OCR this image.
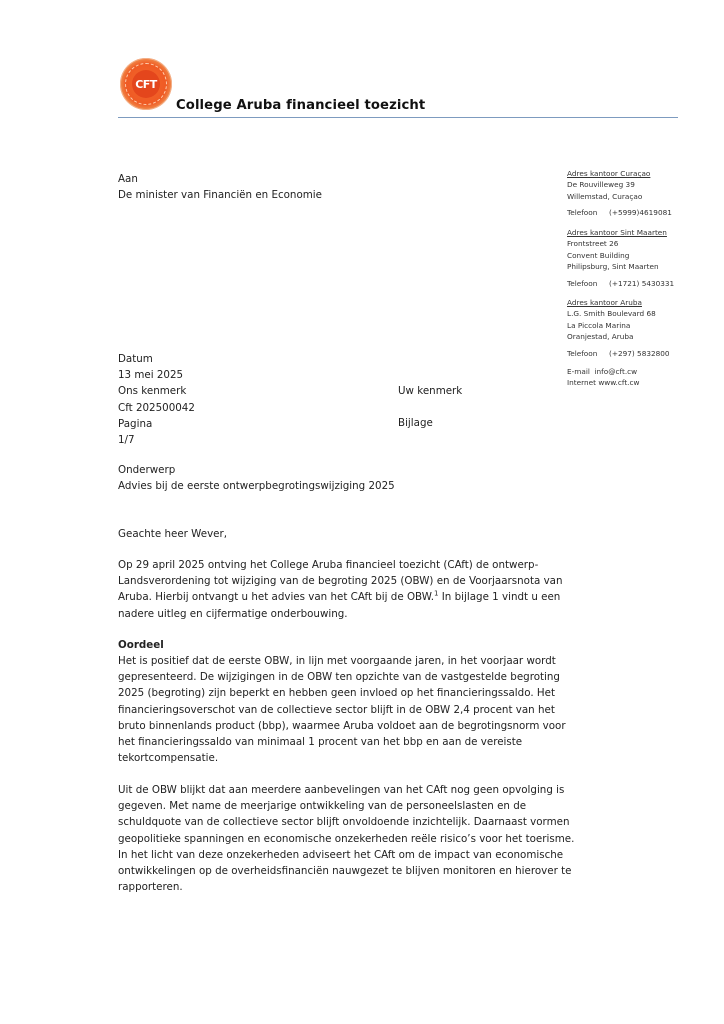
CFT
College Aruba financieel toezicht
Aan
De minister van Financiën en Economie
Adres kantoor Curaçao
De Rouvilleweg 39
Willemstad, Curaçao
Telefoon (+5999)4619081
Adres kantoor Sint Maarten
Frontstreet 26
Convent Building
Philipsburg, Sint Maarten
Telefoon (+1721) 5430331
Adres kantoor Aruba
L.G. Smith Boulevard 68
La Piccola Marina
Oranjestad, Aruba
Telefoon (+297) 5832800
E-mail info@cft.cw
Internet www.cft.cw
Datum
13 mei 2025
Ons kenmerk
Cft 202500042
Pagina
1/7
Uw kenmerk
Bijlage
Onderwerp
Advies bij de eerste ontwerpbegrotingswijziging 2025
Geachte heer Wever,
Op 29 april 2025 ontving het College Aruba financieel toezicht (CAft) de ontwerp-
Landsverordening tot wijziging van de begroting 2025 (OBW) en de Voorjaarsnota van
Aruba. Hierbij ontvangt u het advies van het CAft bij de OBW.$^1$ In bijlage 1 vindt u een
nadere uitleg en cijfermatige onderbouwing.
Oordeel
Het is positief dat de eerste OBW, in lijn met voorgaande jaren, in het voorjaar wordt
gepresenteerd. De wijzigingen in de OBW ten opzichte van de vastgestelde begroting
2025 (begroting) zijn beperkt en hebben geen invloed op het financieringssaldo. Het
financieringsoverschot van de collectieve sector blijft in de OBW 2,4 procent van het
bruto binnenlands product (bbp), waarmee Aruba voldoet aan de begrotingsnorm voor
het financieringssaldo van minimaal 1 procent van het bbp en aan de vereiste
tekortcompensatie.
Uit de OBW blijkt dat aan meerdere aanbevelingen van het CAft nog geen opvolging is
gegeven. Met name de meerjarige ontwikkeling van de personeelslasten en de
schuldquote van de collectieve sector blijft onvoldoende inzichtelijk. Daarnaast vormen
geopolitieke spanningen en economische onzekerheden reële risico’s voor het toerisme.
In het licht van deze onzekerheden adviseert het CAft om de impact van economische
ontwikkelingen op de overheidsfinanciën nauwgezet te blijven monitoren en hierover te
rapporteren.
